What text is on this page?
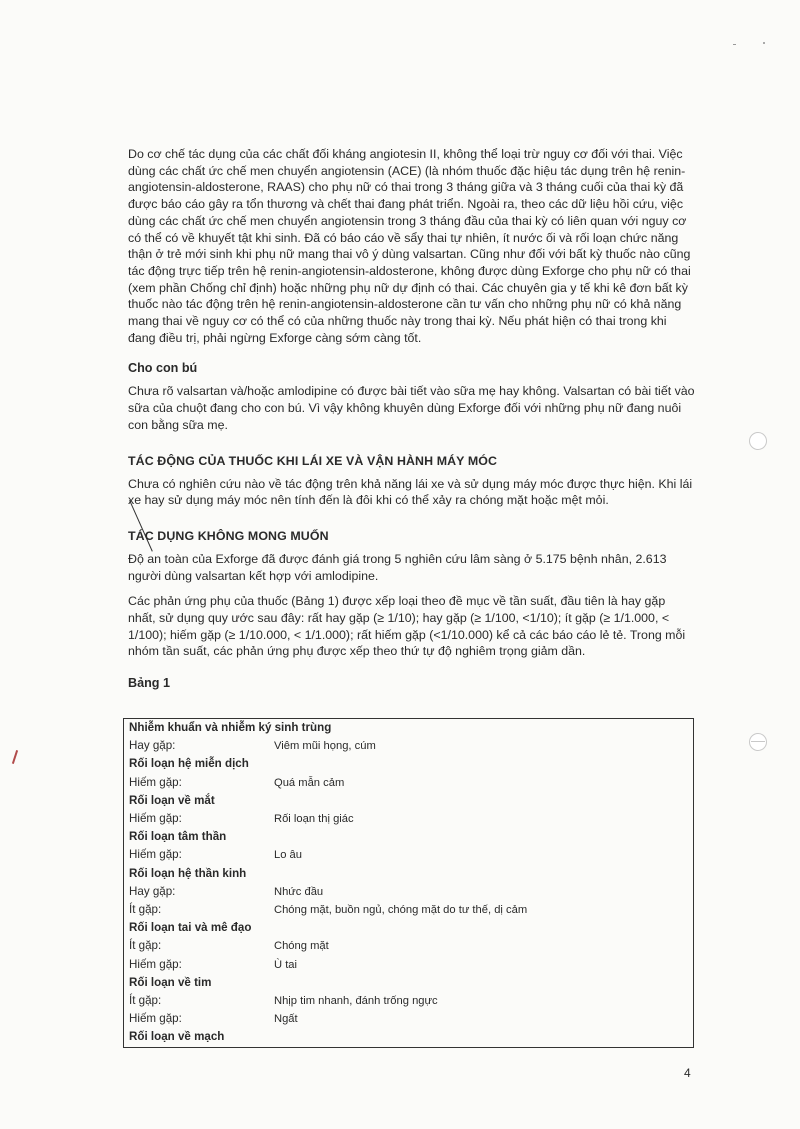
Do cơ chế tác dụng của các chất đối kháng angiotesin II, không thể loại trừ nguy cơ đối với thai. Việc dùng các chất ức chế men chuyển angiotensin (ACE) (là nhóm thuốc đặc hiệu tác dụng trên hệ renin-angiotensin-aldosterone, RAAS) cho phụ nữ có thai trong 3 tháng giữa và 3 tháng cuối của thai kỳ đã được báo cáo gây ra tổn thương và chết thai đang phát triển. Ngoài ra, theo các dữ liệu hồi cứu, việc dùng các chất ức chế men chuyển angiotensin trong 3 tháng đầu của thai kỳ có liên quan với nguy cơ có thể có về khuyết tật khi sinh. Đã có báo cáo về sẩy thai tự nhiên, ít nước ối và rối loạn chức năng thận ở trẻ mới sinh khi phụ nữ mang thai vô ý dùng valsartan. Cũng như đối với bất kỳ thuốc nào cũng tác động trực tiếp trên hệ renin-angiotensin-aldosterone, không được dùng Exforge cho phụ nữ có thai (xem phần Chống chỉ định) hoặc những phụ nữ dự định có thai. Các chuyên gia y tế khi kê đơn bất kỳ thuốc nào tác động trên hệ renin-angiotensin-aldosterone cần tư vấn cho những phụ nữ có khả năng mang thai về nguy cơ có thể có của những thuốc này trong thai kỳ. Nếu phát hiện có thai trong khi đang điều trị, phải ngừng Exforge càng sớm càng tốt.

Cho con bú

Chưa rõ valsartan và/hoặc amlodipine có được bài tiết vào sữa mẹ hay không. Valsartan có bài tiết vào sữa của chuột đang cho con bú. Vì vậy không khuyên dùng Exforge đối với những phụ nữ đang nuôi con bằng sữa mẹ.

TÁC ĐỘNG CỦA THUỐC KHI LÁI XE VÀ VẬN HÀNH MÁY MÓC

Chưa có nghiên cứu nào về tác động trên khả năng lái xe và sử dụng máy móc được thực hiện. Khi lái xe hay sử dụng máy móc nên tính đến là đôi khi có thể xảy ra chóng mặt hoặc mệt mỏi.

TÁC DỤNG KHÔNG MONG MUỐN

Độ an toàn của Exforge đã được đánh giá trong 5 nghiên cứu lâm sàng ở 5.175 bệnh nhân, 2.613 người dùng valsartan kết hợp với amlodipine.

Các phản ứng phụ của thuốc (Bảng 1) được xếp loại theo đề mục về tần suất, đầu tiên là hay gặp nhất, sử dụng quy ước sau đây: rất hay gặp (≥ 1/10); hay gặp (≥ 1/100, <1/10); ít gặp (≥ 1/1.000, < 1/100); hiếm gặp (≥ 1/10.000, < 1/1.000); rất hiếm gặp (<1/10.000) kể cả các báo cáo lẻ tẻ. Trong mỗi nhóm tần suất, các phản ứng phụ được xếp theo thứ tự độ nghiêm trọng giảm dần.

Bảng 1

Nhiễm khuẩn và nhiễm ký sinh trùng	
Hay gặp:	Viêm mũi họng, cúm
Rối loạn hệ miễn dịch	
Hiếm gặp:	Quá mẫn cảm
Rối loạn về mắt	
Hiếm gặp:	Rối loạn thị giác
Rối loạn tâm thần	
Hiếm gặp:	Lo âu
Rối loạn hệ thần kinh	
Hay gặp:	Nhức đầu
Ít gặp:	Chóng mặt, buồn ngủ, chóng mặt do tư thế, dị cảm
Rối loạn tai và mê đạo	
Ít gặp:	Chóng mặt
Hiếm gặp:	Ù tai
Rối loạn về tim	
Ít gặp:	Nhịp tim nhanh, đánh trống ngực
Hiếm gặp:	Ngất
Rối loạn về mạch	
4
